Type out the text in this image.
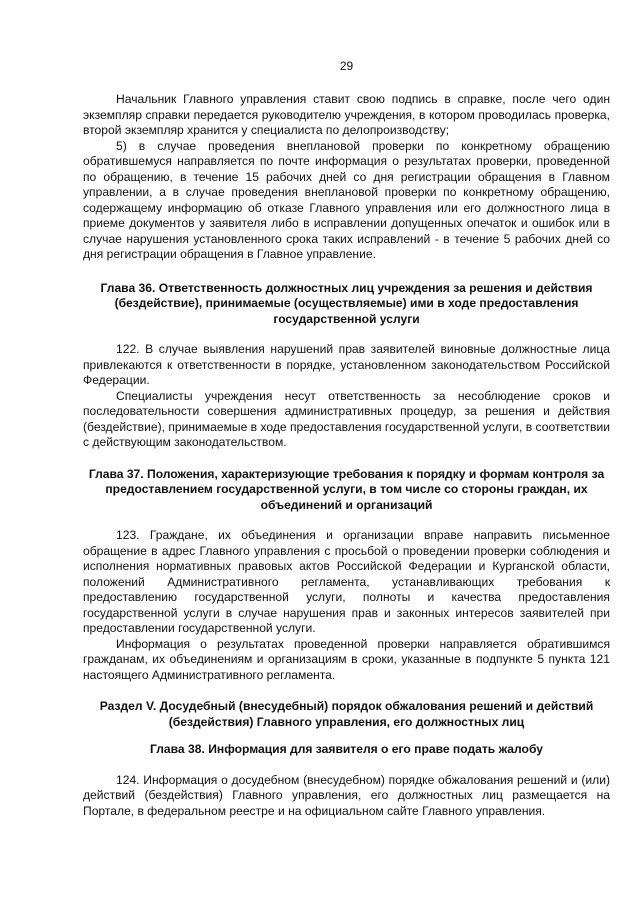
29

Начальник Главного управления ставит свою подпись в справке, после чего один экземпляр справки передается руководителю учреждения, в котором проводилась проверка, второй экземпляр хранится у специалиста по делопроизводству;

5) в случае проведения внеплановой проверки по конкретному обращению обратившемуся направляется по почте информация о результатах проверки, проведенной по обращению, в течение 15 рабочих дней со дня регистрации обращения в Главном управлении, а в случае проведения внеплановой проверки по конкретному обращению, содержащему информацию об отказе Главного управления или его должностного лица в приеме документов у заявителя либо в исправлении допущенных опечаток и ошибок или в случае нарушения установленного срока таких исправлений - в течение 5 рабочих дней со дня регистрации обращения в Главное управление.

Глава 36. Ответственность должностных лиц учреждения за решения и действия (бездействие), принимаемые (осуществляемые) ими в ходе предоставления государственной услуги

122. В случае выявления нарушений прав заявителей виновные должностные лица привлекаются к ответственности в порядке, установленном законодательством Российской Федерации.

Специалисты учреждения несут ответственность за несоблюдение сроков и последовательности совершения административных процедур, за решения и действия (бездействие), принимаемые в ходе предоставления государственной услуги, в соответствии с действующим законодательством.

Глава 37. Положения, характеризующие требования к порядку и формам контроля за предоставлением государственной услуги, в том числе со стороны граждан, их объединений и организаций

123. Граждане, их объединения и организации вправе направить письменное обращение в адрес Главного управления с просьбой о проведении проверки соблюдения и исполнения нормативных правовых актов Российской Федерации и Курганской области, положений Административного регламента, устанавливающих требования к предоставлению государственной услуги, полноты и качества предоставления государственной услуги в случае нарушения прав и законных интересов заявителей при предоставлении государственной услуги.

Информация о результатах проведенной проверки направляется обратившимся гражданам, их объединениям и организациям в сроки, указанные в подпункте 5 пункта 121 настоящего Административного регламента.

Раздел V. Досудебный (внесудебный) порядок обжалования решений и действий (бездействия) Главного управления, его должностных лиц
Глава 38. Информация для заявителя о его праве подать жалобу

124. Информация о досудебном (внесудебном) порядке обжалования решений и (или) действий (бездействия) Главного управления, его должностных лиц размещается на Портале, в федеральном реестре и на официальном сайте Главного управления.
